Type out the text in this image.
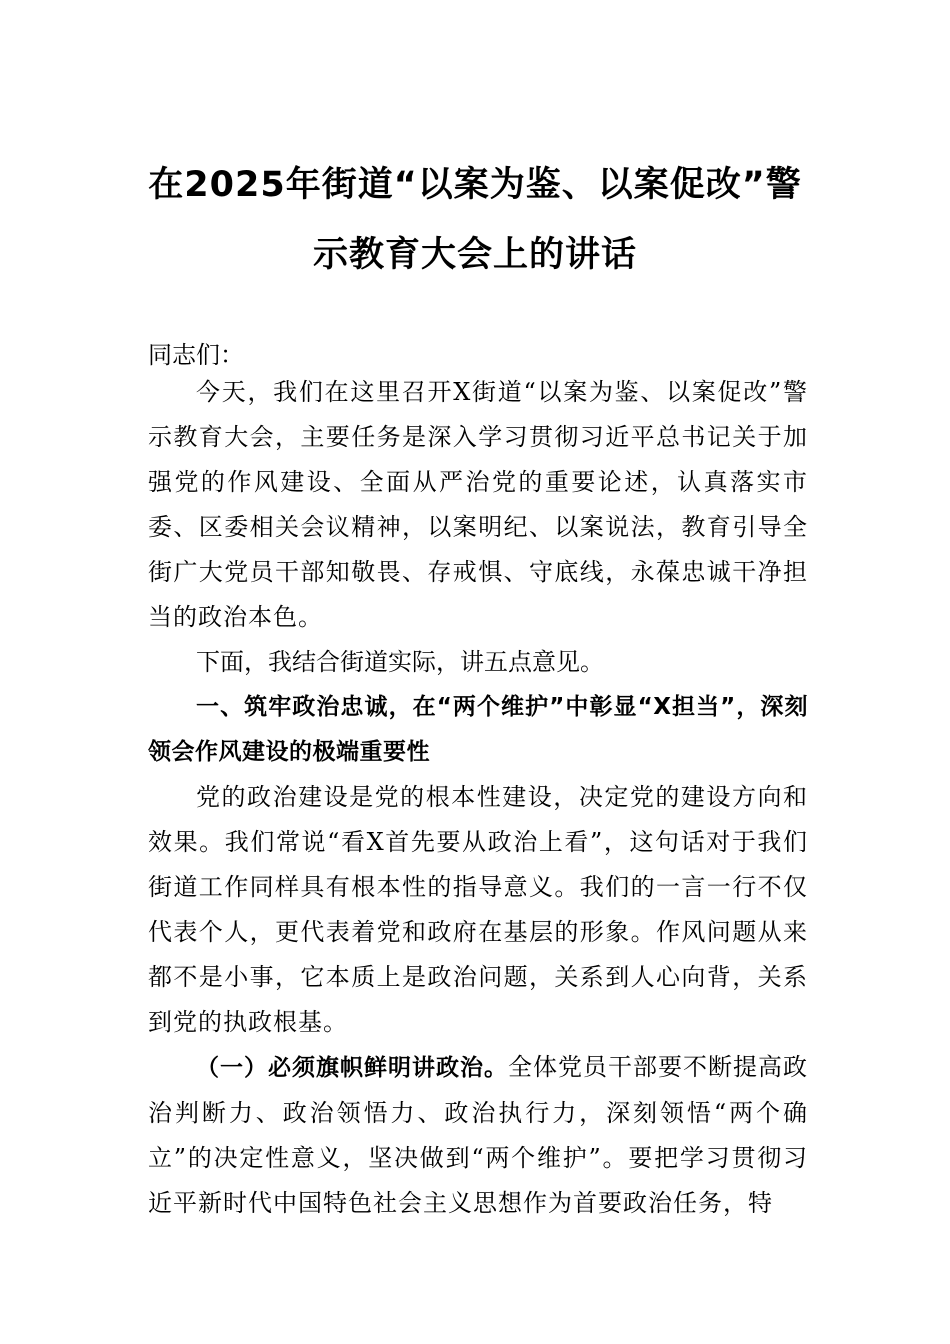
在2025年街道“以案为鉴、以案促改”警
示教育大会上的讲话
同志们：
今天，我们在这里召开X街道“以案为鉴、以案促改”警示教育大会，主要任务是深入学习贯彻习近平总书记关于加强党的作风建设、全面从严治党的重要论述，认真落实市委、区委相关会议精神，以案明纪、以案说法，教育引导全街广大党员干部知敬畏、存戒惧、守底线，永葆忠诚干净担当的政治本色。
下面，我结合街道实际，讲五点意见。
一、筑牢政治忠诚，在“两个维护”中彰显“X担当”，深刻领会作风建设的极端重要性
党的政治建设是党的根本性建设，决定党的建设方向和效果。我们常说“看X首先要从政治上看”，这句话对于我们街道工作同样具有根本性的指导意义。我们的一言一行不仅代表个人，更代表着党和政府在基层的形象。作风问题从来都不是小事，它本质上是政治问题，关系到人心向背，关系到党的执政根基。
（一）必须旗帜鲜明讲政治。全体党员干部要不断提高政治判断力、政治领悟力、政治执行力，深刻领悟“两个确立”的决定性意义，坚决做到“两个维护”。要把学习贯彻习近平新时代中国特色社会主义思想作为首要政治任务，特
